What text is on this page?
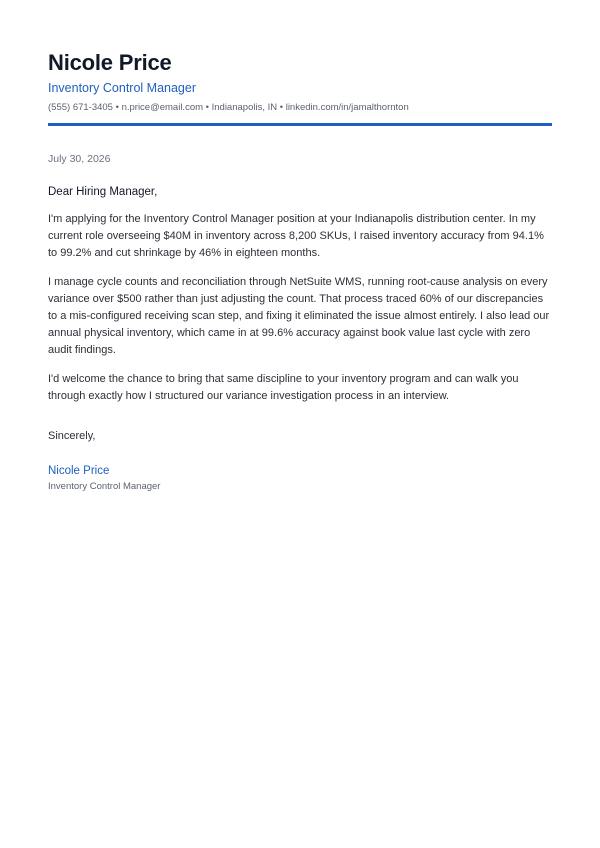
Nicole Price
Inventory Control Manager
(555) 671-3405 • n.price@email.com • Indianapolis, IN • linkedin.com/in/jamalthornton
July 30, 2026
Dear Hiring Manager,
I'm applying for the Inventory Control Manager position at your Indianapolis distribution center. In my current role overseeing $40M in inventory across 8,200 SKUs, I raised inventory accuracy from 94.1% to 99.2% and cut shrinkage by 46% in eighteen months.
I manage cycle counts and reconciliation through NetSuite WMS, running root-cause analysis on every variance over $500 rather than just adjusting the count. That process traced 60% of our discrepancies to a mis-configured receiving scan step, and fixing it eliminated the issue almost entirely. I also lead our annual physical inventory, which came in at 99.6% accuracy against book value last cycle with zero audit findings.
I'd welcome the chance to bring that same discipline to your inventory program and can walk you through exactly how I structured our variance investigation process in an interview.
Sincerely,
Nicole Price
Inventory Control Manager
